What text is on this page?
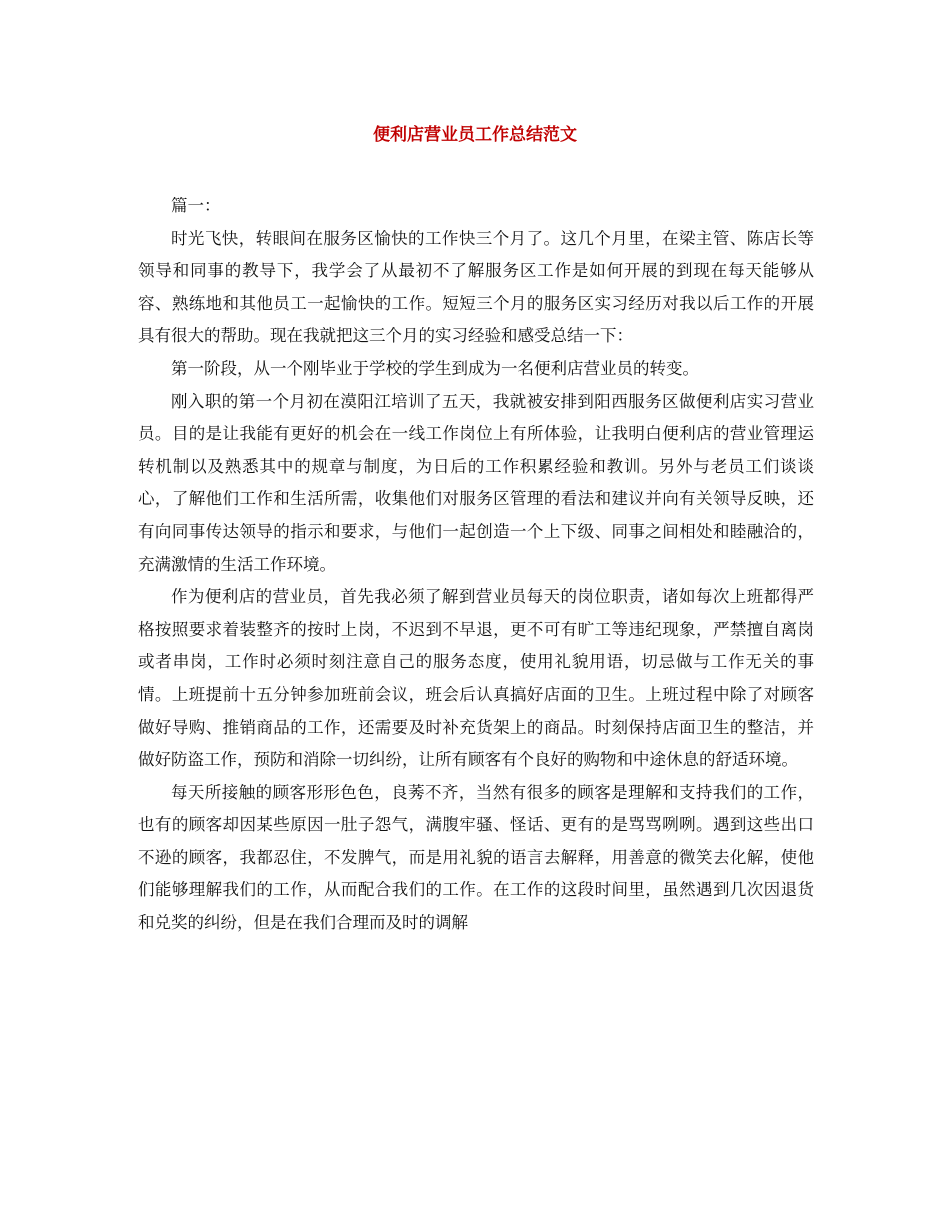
便利店营业员工作总结范文

篇一：

时光飞快，转眼间在服务区愉快的工作快三个月了。这几个月里，在梁主管、陈店长等领导和同事的教导下，我学会了从最初不了解服务区工作是如何开展的到现在每天能够从容、熟练地和其他员工一起愉快的工作。短短三个月的服务区实习经历对我以后工作的开展具有很大的帮助。现在我就把这三个月的实习经验和感受总结一下：

第一阶段，从一个刚毕业于学校的学生到成为一名便利店营业员的转变。

刚入职的第一个月初在漠阳江培训了五天，我就被安排到阳西服务区做便利店实习营业员。目的是让我能有更好的机会在一线工作岗位上有所体验，让我明白便利店的营业管理运转机制以及熟悉其中的规章与制度，为日后的工作积累经验和教训。另外与老员工们谈谈心，了解他们工作和生活所需，收集他们对服务区管理的看法和建议并向有关领导反映，还有向同事传达领导的指示和要求，与他们一起创造一个上下级、同事之间相处和睦融洽的，充满激情的生活工作环境。

作为便利店的营业员，首先我必须了解到营业员每天的岗位职责，诸如每次上班都得严格按照要求着装整齐的按时上岗，不迟到不早退，更不可有旷工等违纪现象，严禁擅自离岗或者串岗，工作时必须时刻注意自己的服务态度，使用礼貌用语，切忌做与工作无关的事情。上班提前十五分钟参加班前会议，班会后认真搞好店面的卫生。上班过程中除了对顾客做好导购、推销商品的工作，还需要及时补充货架上的商品。时刻保持店面卫生的整洁，并做好防盗工作，预防和消除一切纠纷，让所有顾客有个良好的购物和中途休息的舒适环境。

每天所接触的顾客形形色色，良莠不齐，当然有很多的顾客是理解和支持我们的工作，也有的顾客却因某些原因一肚子怨气，满腹牢骚、怪话、更有的是骂骂咧咧。遇到这些出口不逊的顾客，我都忍住，不发脾气，而是用礼貌的语言去解释，用善意的微笑去化解，使他们能够理解我们的工作，从而配合我们的工作。在工作的这段时间里，虽然遇到几次因退货和兑奖的纠纷，但是在我们合理而及时的调解
